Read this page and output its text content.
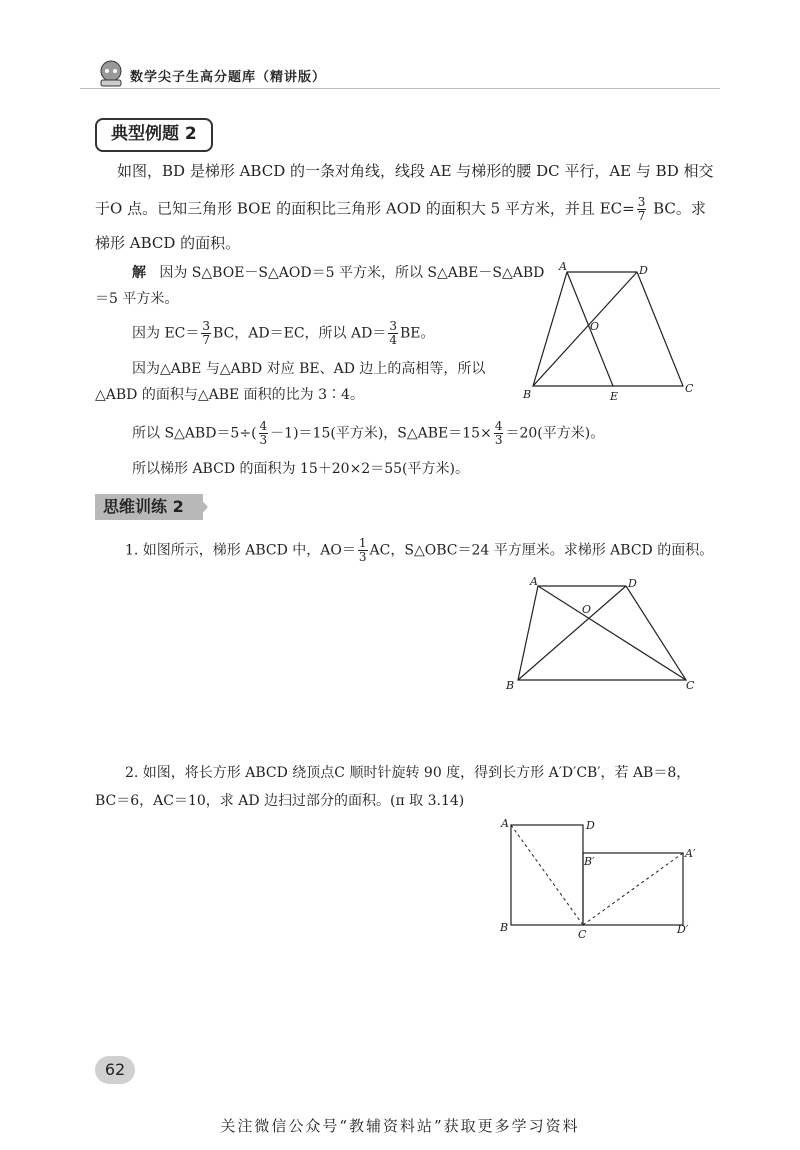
数学尖子生高分题库（精讲版）
典型例题 2
如图，BD 是梯形 ABCD 的一条对角线，线段 AE 与梯形的腰 DC 平行，AE 与 BD 相交
于O 点。已知三角形 BOE 的面积比三角形 AOD 的面积大 5 平方米，并且 $EC= \frac{3}{7}$ BC。求
梯形 ABCD 的面积。
解 因为 S△BOE－S△AOD＝5 平方米，所以 S△ABE－S△ABD
＝5 平方米。
因为 $EC= \frac{3}{7}$ BC，AD＝EC，所以 $AD= \frac{3}{4}$ BE。
因为△ABE 与△ABD 对应 BE、AD 边上的高相等，所以
△ABD 的面积与△ABE 面积的比为 3∶4。
所以 S△ABD＝5÷( $\frac{4}{3} -1)=15$(平方米)，S△ABE＝15× $\frac{4}{3} =20$(平方米)。
所以梯形 ABCD 的面积为 15＋20×2＝55(平方米)。
A	D
O
B	E
C
思维训练 2
1. 如图所示，梯形 ABCD 中，$AO= \frac{1}{3}$ AC，S△OBC＝24 平方厘米。求梯形 ABCD 的面积。
A	D
O
B	C
2. 如图，将长方形 ABCD 绕顶点C 顺时针旋转 90 度，得到长方形 A′D′CB′，若 AB＝8，
BC＝6，AC＝10，求 AD 边扫过部分的面积。(π 取 3.14)
A	D
B′
A′
B
C	D′
62
关注微信公众号“教辅资料站”获取更多学习资料
